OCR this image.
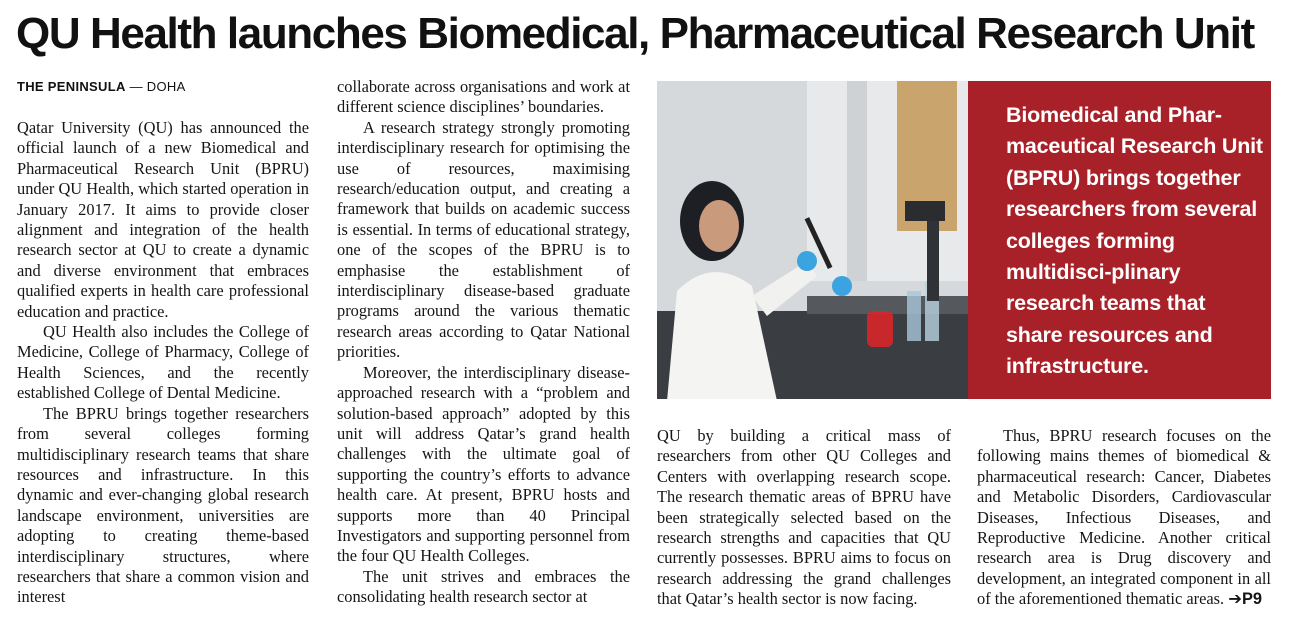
QU Health launches Biomedical, Pharmaceutical Research Unit
THE PENINSULA — DOHA

Qatar University (QU) has announced the official launch of a new Biomedical and Pharmaceutical Research Unit (BPRU) under QU Health, which started operation in January 2017. It aims to provide closer alignment and integration of the health research sector at QU to create a dynamic and diverse environment that embraces qualified experts in health care professional education and practice.

QU Health also includes the College of Medicine, College of Pharmacy, College of Health Sciences, and the recently established College of Dental Medicine.

The BPRU brings together researchers from several colleges forming multidisciplinary research teams that share resources and infrastructure. In this dynamic and ever-changing global research landscape environment, universities are adopting to creating theme-based interdisciplinary structures, where researchers that share a common vision and interest

collaborate across organisations and work at different science disciplines’ boundaries.

A research strategy strongly promoting interdisciplinary research for optimising the use of resources, maximising research/education output, and creating a framework that builds on academic success is essential. In terms of educational strategy, one of the scopes of the BPRU is to emphasise the establishment of interdisciplinary disease-based graduate programs around the various thematic research areas according to Qatar National priorities.

Moreover, the interdisciplinary disease-approached research with a “problem and solution-based approach” adopted by this unit will address Qatar’s grand health challenges with the ultimate goal of supporting the country’s efforts to advance health care. At present, BPRU hosts and supports more than 40 Principal Investigators and supporting personnel from the four QU Health Colleges.

The unit strives and embraces the consolidating health research sector at

Biomedical and Phar-maceutical Research Unit (BPRU) brings together researchers from several colleges forming multidisci-plinary research teams that share resources and infrastructure.

QU by building a critical mass of researchers from other QU Colleges and Centers with overlapping research scope. The research thematic areas of BPRU have been strategically selected based on the research strengths and capacities that QU currently possesses. BPRU aims to focus on research addressing the grand challenges that Qatar’s health sector is now facing.

Thus, BPRU research focuses on the following mains themes of biomedical & pharmaceutical research: Cancer, Diabetes and Metabolic Disorders, Cardiovascular Diseases, Infectious Diseases, and Reproductive Medicine. Another critical research area is Drug discovery and development, an integrated component in all of the aforementioned thematic areas. ➔P9
